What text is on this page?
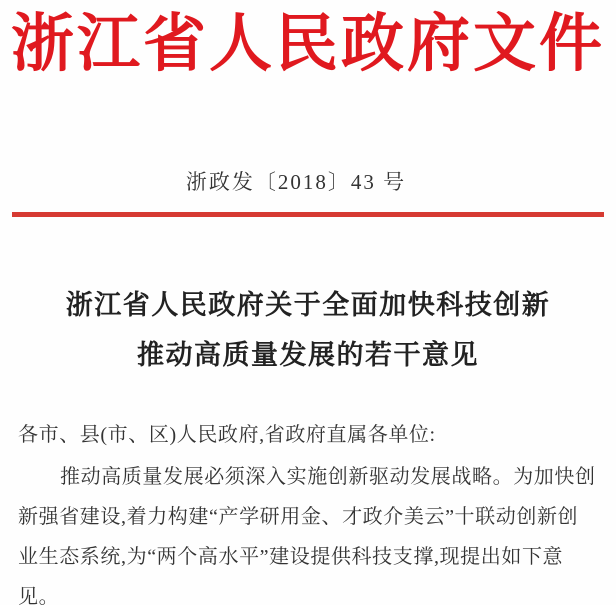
浙江省人民政府文件
浙政发〔2018〕43 号
浙江省人民政府关于全面加快科技创新
推动高质量发展的若干意见
各市、县(市、区)人民政府,省政府直属各单位:
推动高质量发展必须深入实施创新驱动发展战略。为加快创
新强省建设,着力构建“产学研用金、才政介美云”十联动创新创
业生态系统,为“两个高水平”建设提供科技支撑,现提出如下意
见。
